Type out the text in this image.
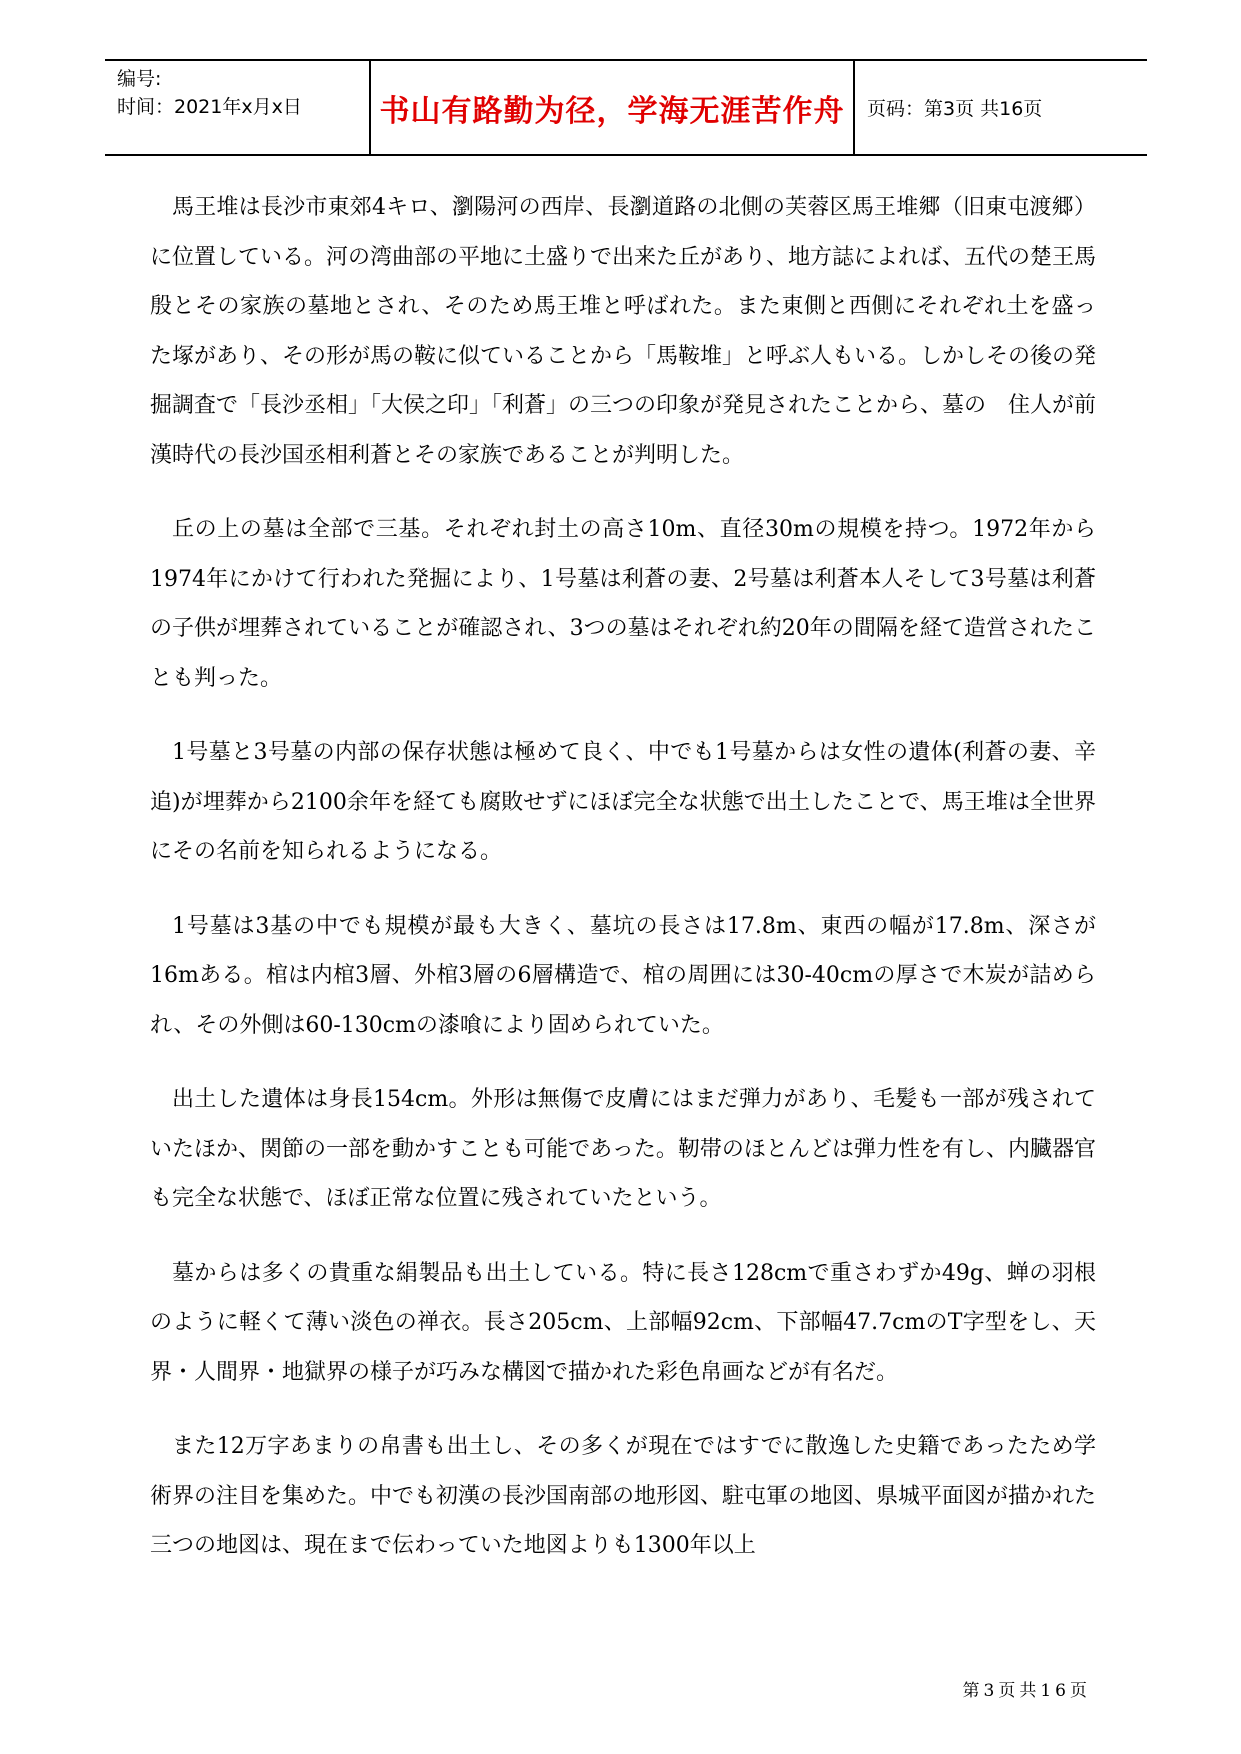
编号:
时间：2021年x月x日	书山有路勤为径，学海无涯苦作舟	页码：第3页 共16页

馬王堆は長沙市東郊4キロ、瀏陽河の西岸、長瀏道路の北側の芙蓉区馬王堆郷（旧東屯渡郷）に位置している。河の湾曲部の平地に土盛りで出来た丘があり、地方誌によれば、五代の楚王馬殷とその家族の墓地とされ、そのため馬王堆と呼ばれた。また東側と西側にそれぞれ土を盛った塚があり、その形が馬の鞍に似ていることから「馬鞍堆」と呼ぶ人もいる。しかしその後の発掘調査で「長沙丞相」「大侯之印」「利蒼」の三つの印象が発見されたことから、墓の　住人が前漢時代の長沙国丞相利蒼とその家族であることが判明した。

丘の上の墓は全部で三基。それぞれ封土の高さ10m、直径30mの規模を持つ。1972年から1974年にかけて行われた発掘により、1号墓は利蒼の妻、2号墓は利蒼本人そして3号墓は利蒼の子供が埋葬されていることが確認され、3つの墓はそれぞれ約20年の間隔を経て造営されたことも判った。

1号墓と3号墓の内部の保存状態は極めて良く、中でも1号墓からは女性の遺体(利蒼の妻、辛追)が埋葬から2100余年を経ても腐敗せずにほぼ完全な状態で出土したことで、馬王堆は全世界にその名前を知られるようになる。

1号墓は3基の中でも規模が最も大きく、墓坑の長さは17.8m、東西の幅が17.8m、深さが16mある。棺は内棺3層、外棺3層の6層構造で、棺の周囲には30-40cmの厚さで木炭が詰められ、その外側は60-130cmの漆喰により固められていた。

出土した遺体は身長154cm。外形は無傷で皮膚にはまだ弾力があり、毛髪も一部が残されていたほか、関節の一部を動かすことも可能であった。靭帯のほとんどは弾力性を有し、内臓器官も完全な状態で、ほぼ正常な位置に残されていたという。

墓からは多くの貴重な絹製品も出土している。特に長さ128cmで重さわずか49g、蝉の羽根のように軽くて薄い淡色の禅衣。長さ205cm、上部幅92cm、下部幅47.7cmのT字型をし、天界・人間界・地獄界の様子が巧みな構図で描かれた彩色帛画などが有名だ。

また12万字あまりの帛書も出土し、その多くが現在ではすでに散逸した史籍であったため学術界の注目を集めた。中でも初漢の長沙国南部の地形図、駐屯軍の地図、県城平面図が描かれた三つの地図は、現在まで伝わっていた地図よりも1300年以上

第3页共16页
